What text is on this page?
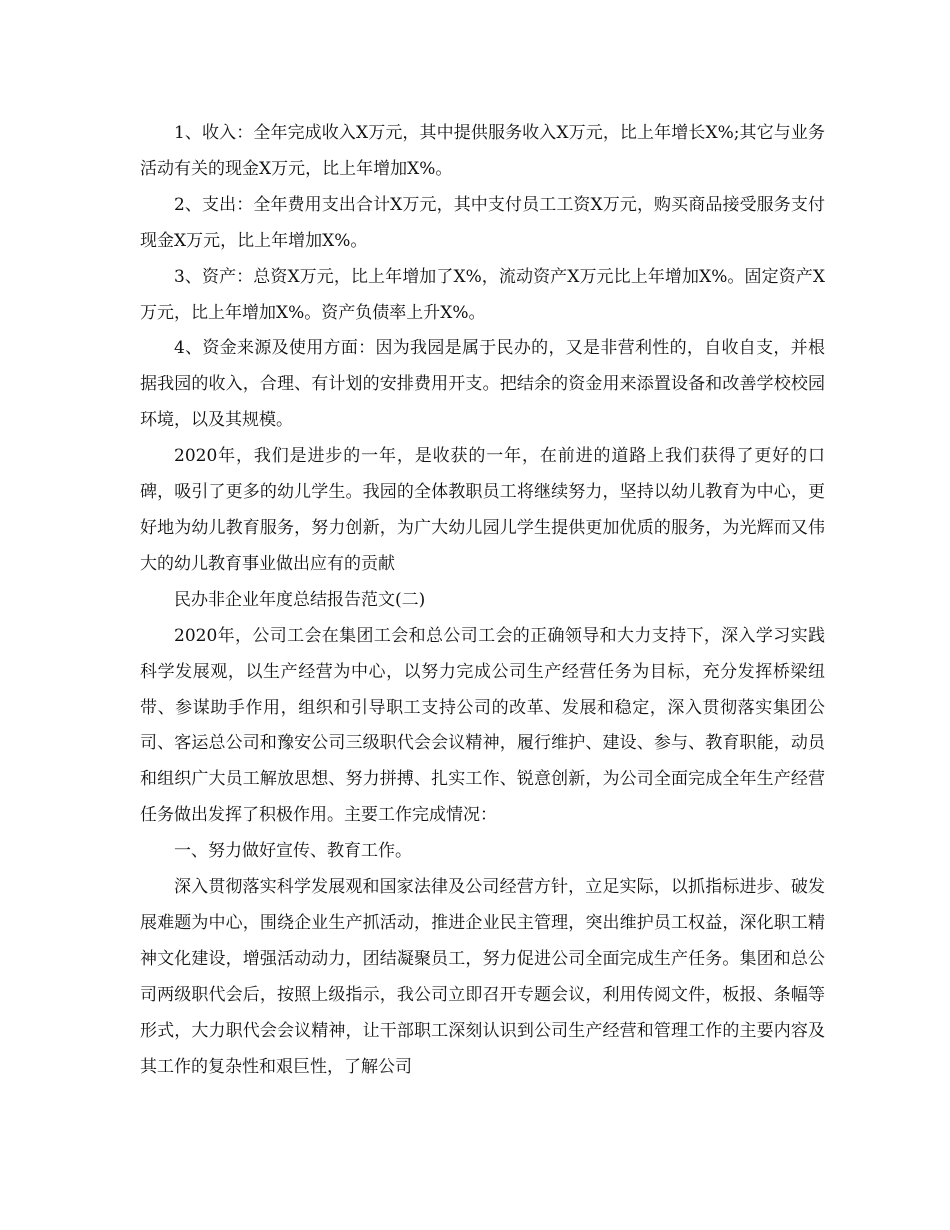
1、收入：全年完成收入X万元，其中提供服务收入X万元，比上年增长X%;其它与业务活动有关的现金X万元，比上年增加X%。

2、支出：全年费用支出合计X万元，其中支付员工工资X万元，购买商品接受服务支付现金X万元，比上年增加X%。

3、资产：总资X万元，比上年增加了X%，流动资产X万元比上年增加X%。固定资产X万元，比上年增加X%。资产负债率上升X%。

4、资金来源及使用方面：因为我园是属于民办的，又是非营利性的，自收自支，并根据我园的收入，合理、有计划的安排费用开支。把结余的资金用来添置设备和改善学校校园环境，以及其规模。

2020年，我们是进步的一年，是收获的一年，在前进的道路上我们获得了更好的口碑，吸引了更多的幼儿学生。我园的全体教职员工将继续努力，坚持以幼儿教育为中心，更好地为幼儿教育服务，努力创新，为广大幼儿园儿学生提供更加优质的服务，为光辉而又伟大的幼儿教育事业做出应有的贡献

民办非企业年度总结报告范文(二)

2020年，公司工会在集团工会和总公司工会的正确领导和大力支持下，深入学习实践科学发展观，以生产经营为中心，以努力完成公司生产经营任务为目标，充分发挥桥梁纽带、参谋助手作用，组织和引导职工支持公司的改革、发展和稳定，深入贯彻落实集团公司、客运总公司和豫安公司三级职代会会议精神，履行维护、建设、参与、教育职能，动员和组织广大员工解放思想、努力拼搏、扎实工作、锐意创新，为公司全面完成全年生产经营任务做出发挥了积极作用。主要工作完成情况：

一、努力做好宣传、教育工作。

深入贯彻落实科学发展观和国家法律及公司经营方针，立足实际，以抓指标进步、破发展难题为中心，围绕企业生产抓活动，推进企业民主管理，突出维护员工权益，深化职工精神文化建设，增强活动动力，团结凝聚员工，努力促进公司全面完成生产任务。集团和总公司两级职代会后，按照上级指示，我公司立即召开专题会议，利用传阅文件，板报、条幅等形式，大力职代会会议精神，让干部职工深刻认识到公司生产经营和管理工作的主要内容及其工作的复杂性和艰巨性，了解公司
